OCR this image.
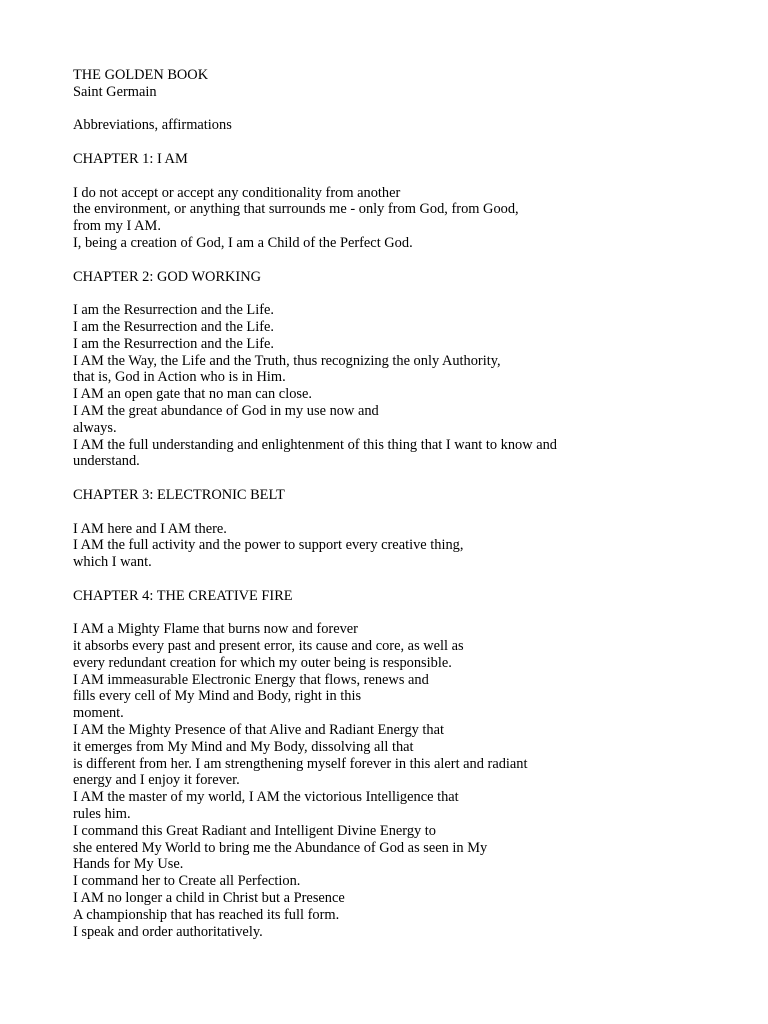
THE GOLDEN BOOK
Saint Germain
Abbreviations, affirmations
CHAPTER 1: I AM
I do not accept or accept any conditionality from another
the environment, or anything that surrounds me - only from God, from Good,
from my I AM.
I, being a creation of God, I am a Child of the Perfect God.
CHAPTER 2: GOD WORKING
I am the Resurrection and the Life.
I am the Resurrection and the Life.
I am the Resurrection and the Life.
I AM the Way, the Life and the Truth, thus recognizing the only Authority,
that is, God in Action who is in Him.
I AM an open gate that no man can close.
I AM the great abundance of God in my use now and
always.
I AM the full understanding and enlightenment of this thing that I want to know and
understand.
CHAPTER 3: ELECTRONIC BELT
I AM here and I AM there.
I AM the full activity and the power to support every creative thing,
which I want.
CHAPTER 4: THE CREATIVE FIRE
I AM a Mighty Flame that burns now and forever
it absorbs every past and present error, its cause and core, as well as
every redundant creation for which my outer being is responsible.
I AM immeasurable Electronic Energy that flows, renews and
fills every cell of My Mind and Body, right in this
moment.
I AM the Mighty Presence of that Alive and Radiant Energy that
it emerges from My Mind and My Body, dissolving all that
is different from her. I am strengthening myself forever in this alert and radiant
energy and I enjoy it forever.
I AM the master of my world, I AM the victorious Intelligence that
rules him.
I command this Great Radiant and Intelligent Divine Energy to
she entered My World to bring me the Abundance of God as seen in My
Hands for My Use.
I command her to Create all Perfection.
I AM no longer a child in Christ but a Presence
A championship that has reached its full form.
I speak and order authoritatively.
